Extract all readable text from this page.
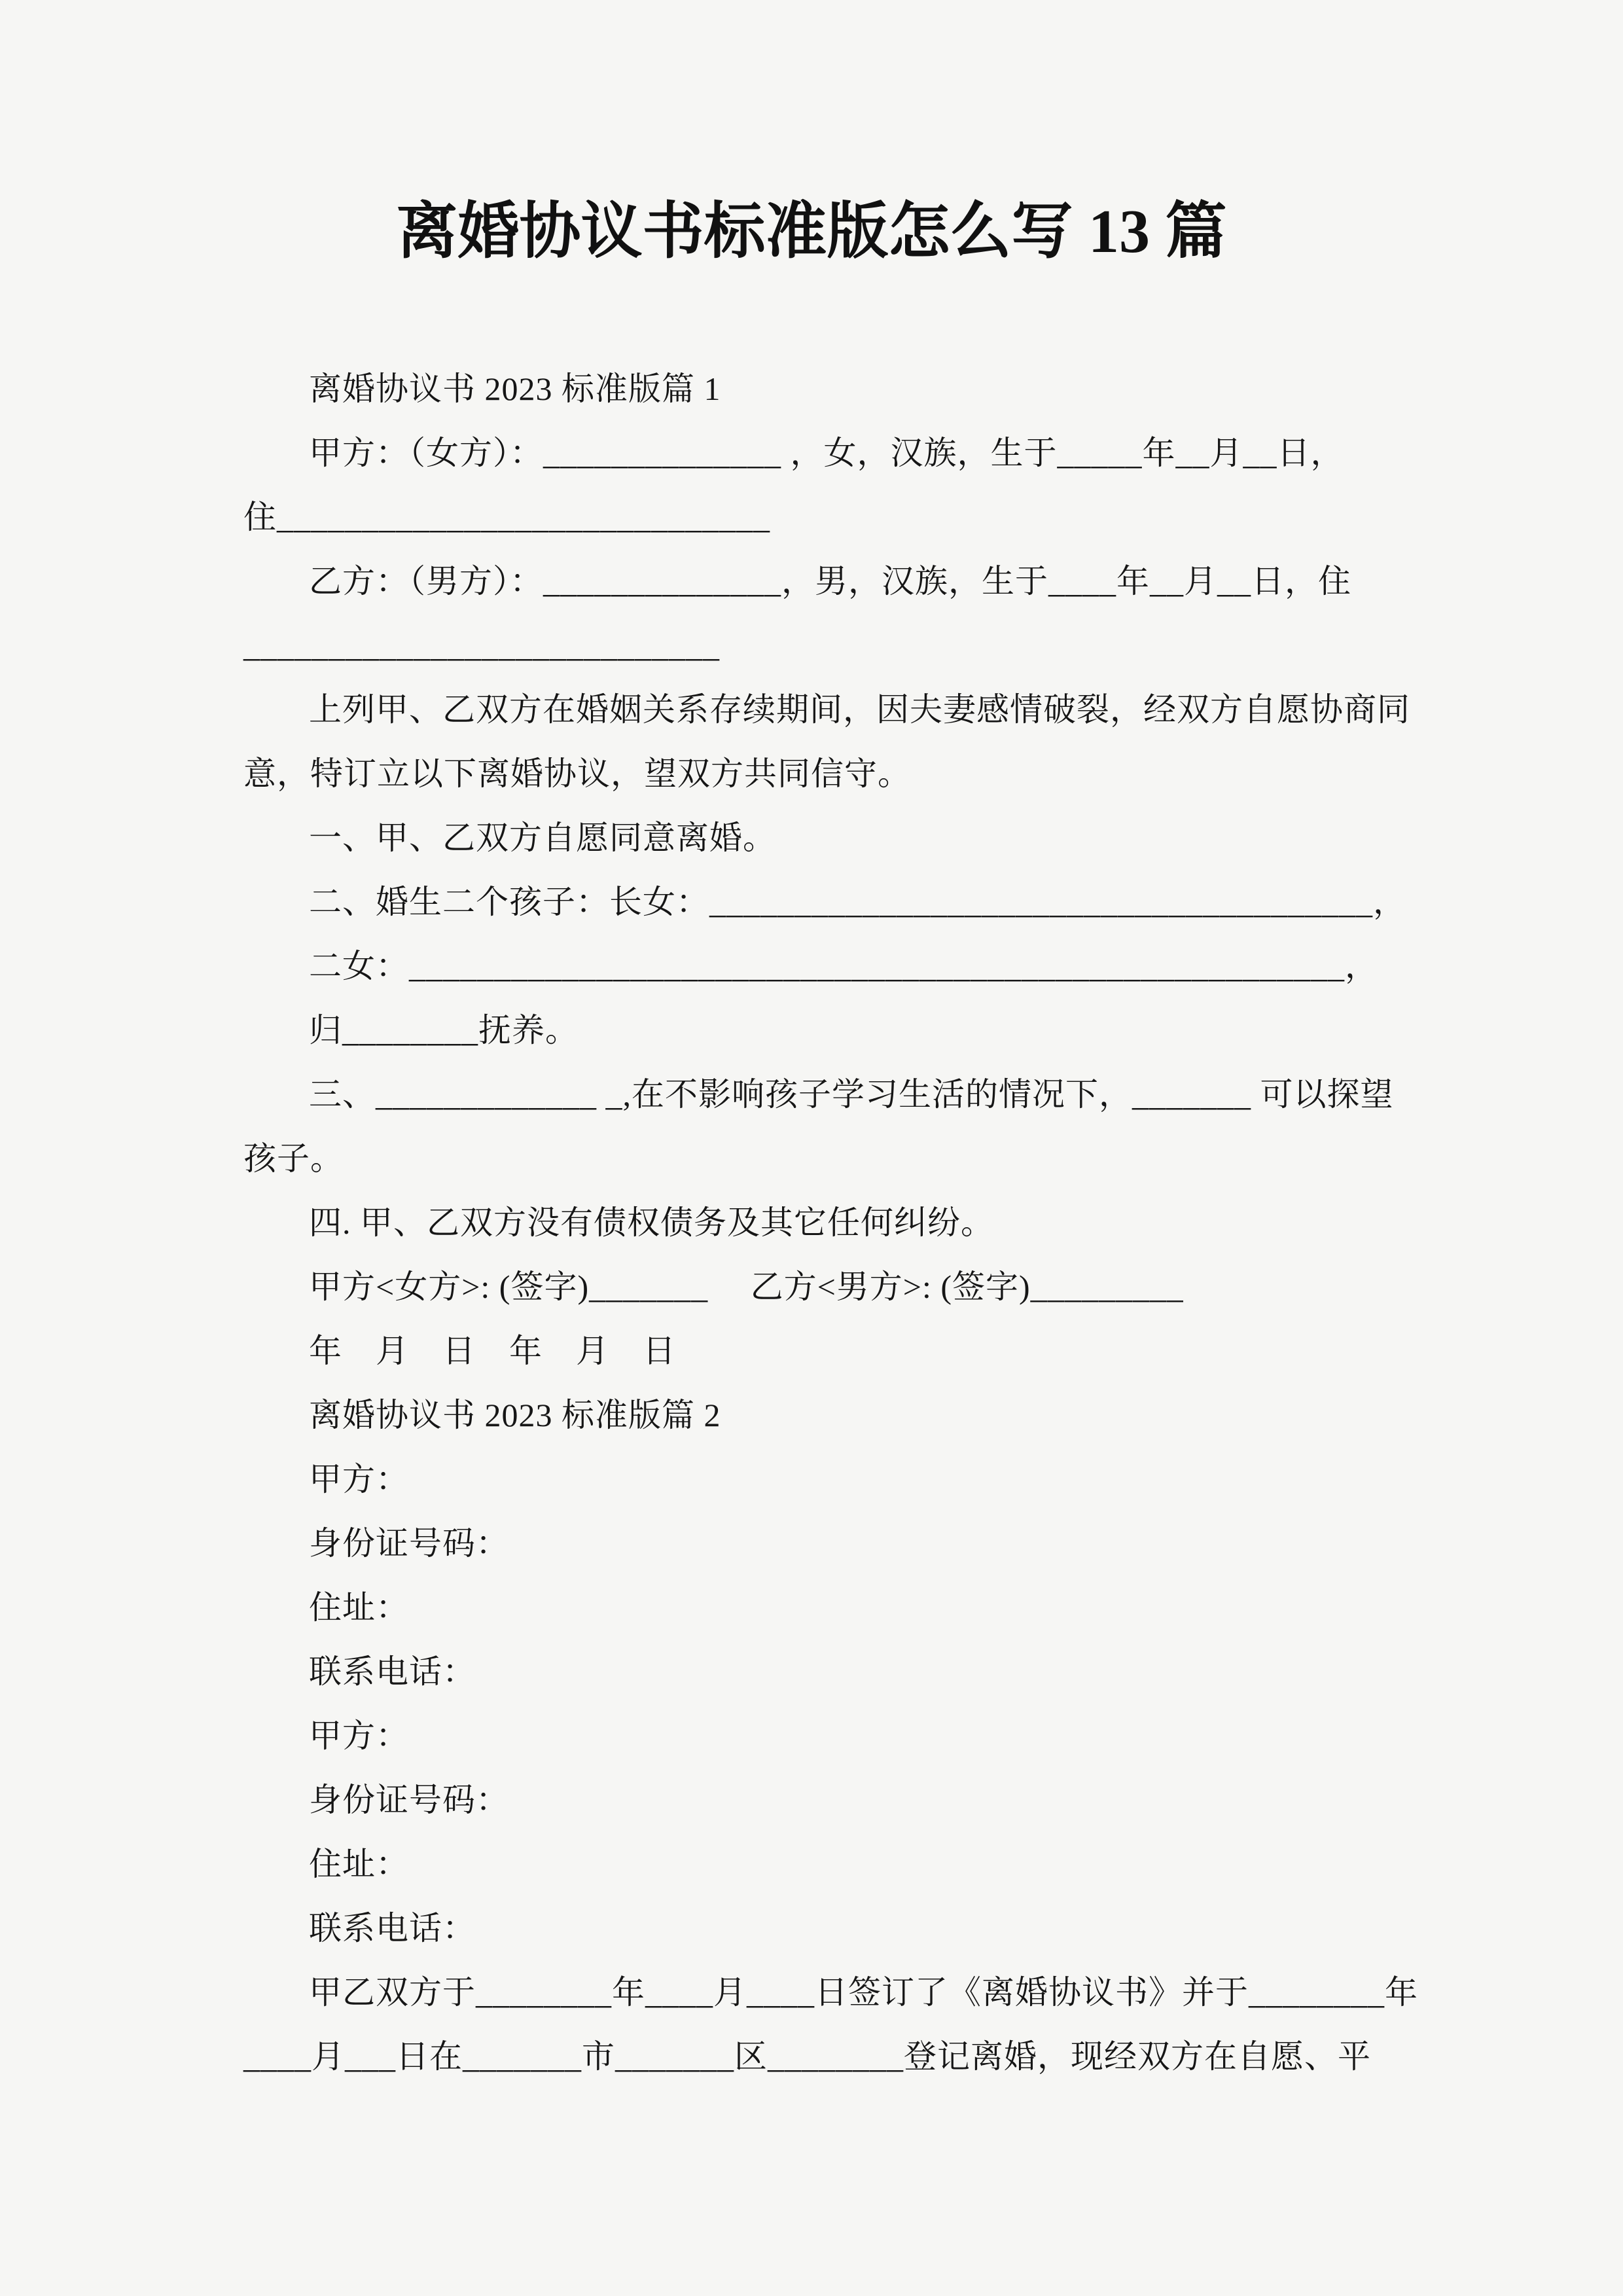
离婚协议书标准版怎么写 13 篇
离婚协议书 2023 标准版篇 1
甲方：（女方）：______________ ，女，汉族，生于_____年__月__日，
住_____________________________
乙方：（男方）：______________，男，汉族，生于____年__月__日，住
____________________________
上列甲、乙双方在婚姻关系存续期间，因夫妻感情破裂，经双方自愿协商同
意，特订立以下离婚协议，望双方共同信守。
一、甲、乙双方自愿同意离婚。
二、婚生二个孩子：长女：_______________________________________，
二女：_______________________________________________________，
归________抚养。
三、_____________ _,在不影响孩子学习生活的情况下，_______ 可以探望
孩子。
四. 甲、乙双方没有债权债务及其它任何纠纷。
甲方<女方>: (签字)_______　 乙方<男方>: (签字)_________
年　月　日　年　月　日
离婚协议书 2023 标准版篇 2
甲方：
身份证号码：
住址：
联系电话：
甲方：
身份证号码：
住址：
联系电话：
甲乙双方于________年____月____日签订了《离婚协议书》并于________年
____月___日在_______市_______区________登记离婚，现经双方在自愿、平
